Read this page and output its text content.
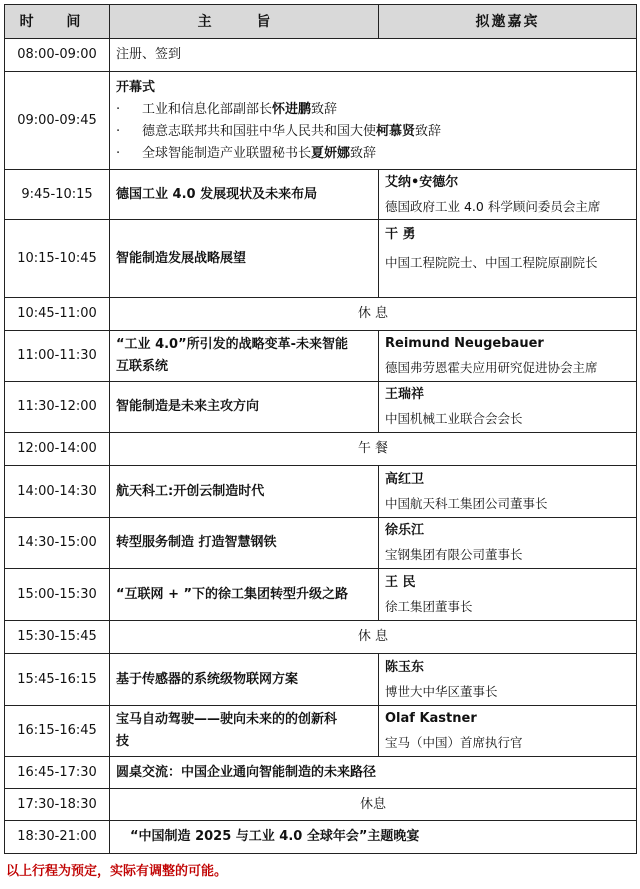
时 间	主 旨	拟邀嘉宾
08:00-09:00	注册、签到	
09:00-09:45	开幕式
· 工业和信息化部副部长怀进鹏致辞
· 德意志联邦共和国驻中华人民共和国大使柯慕贤致辞
· 全球智能制造产业联盟秘书长夏妍娜致辞	

9:45-10:15	德国工业 4.0 发展现状及未来布局	艾纳•安德尔
德国政府工业 4.0 科学顾问委员会主席

10:15-10:45	智能制造发展战略展望	干 勇
中国工程院院士、中国工程院原副院长

10:45-11:00	休 息	
11:00-11:30	“工业 4.0”所引发的战略变革-未来智能
互联系统	Reimund Neugebauer
德国弗劳恩霍夫应用研究促进协会主席

11:30-12:00	智能制造是未来主攻方向	王瑞祥
中国机械工业联合会会长

12:00-14:00	午 餐	
14:00-14:30	航天科工:开创云制造时代	高红卫
中国航天科工集团公司董事长

14:30-15:00	转型服务制造 打造智慧钢铁	徐乐江
宝钢集团有限公司董事长

15:00-15:30	“互联网 + ”下的徐工集团转型升级之路	王 民
徐工集团董事长

15:30-15:45	休 息	
15:45-16:15	基于传感器的系统级物联网方案	陈玉东
博世大中华区董事长

16:15-16:45	宝马自动驾驶——驶向未来的的创新科
技	Olaf Kastner
宝马（中国）首席执行官

16:45-17:30	圆桌交流：中国企业通向智能制造的未来路径	
17:30-18:30	休息	
18:30-21:00	“中国制造 2025 与工业 4.0 全球年会”主题晚宴	
以上行程为预定，实际有调整的可能。
